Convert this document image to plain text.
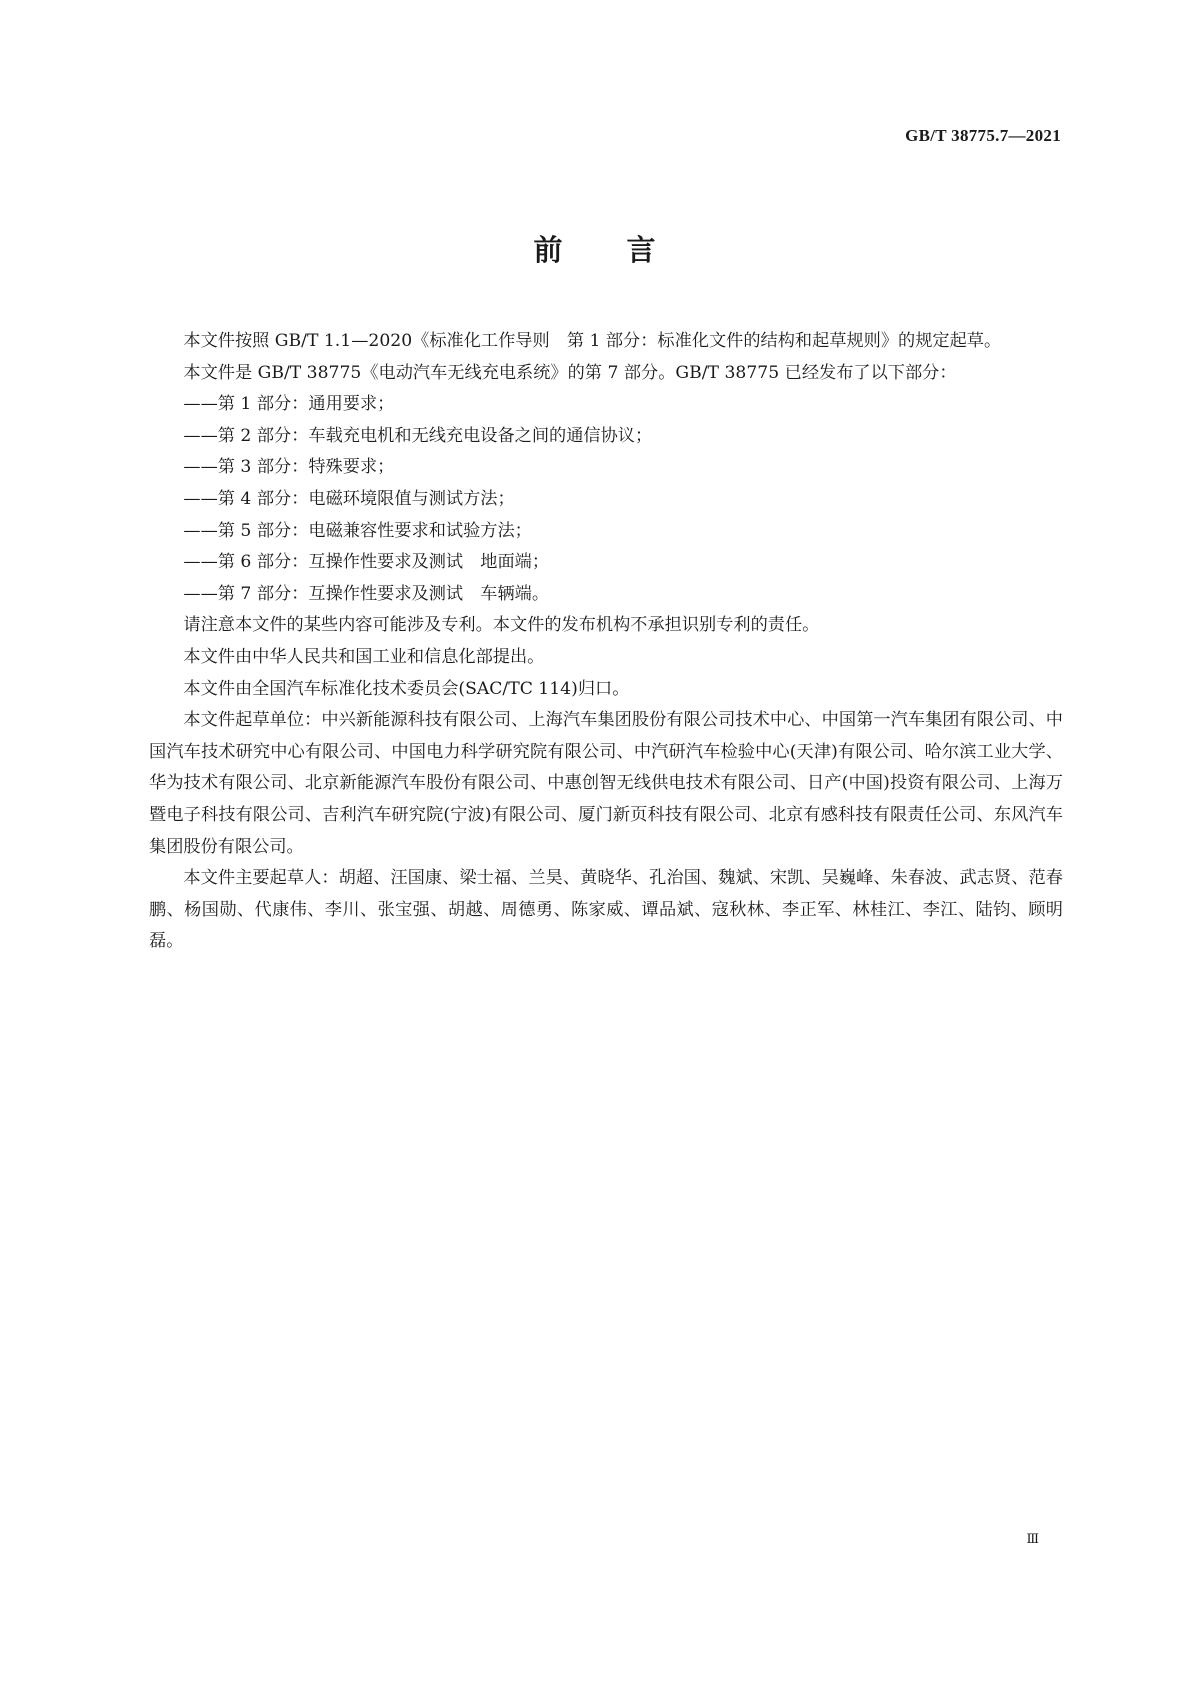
GB/T 38775.7—2021
前 言

本文件按照 GB/T 1.1—2020《标准化工作导则　第 1 部分：标准化文件的结构和起草规则》的规定起草。

本文件是 GB/T 38775《电动汽车无线充电系统》的第 7 部分。GB/T 38775 已经发布了以下部分：

——第 1 部分：通用要求；

——第 2 部分：车载充电机和无线充电设备之间的通信协议；

——第 3 部分：特殊要求；

——第 4 部分：电磁环境限值与测试方法；

——第 5 部分：电磁兼容性要求和试验方法；

——第 6 部分：互操作性要求及测试　地面端；

——第 7 部分：互操作性要求及测试　车辆端。

请注意本文件的某些内容可能涉及专利。本文件的发布机构不承担识别专利的责任。

本文件由中华人民共和国工业和信息化部提出。

本文件由全国汽车标准化技术委员会(SAC/TC 114)归口。

本文件起草单位：中兴新能源科技有限公司、上海汽车集团股份有限公司技术中心、中国第一汽车集团有限公司、中国汽车技术研究中心有限公司、中国电力科学研究院有限公司、中汽研汽车检验中心(天津)有限公司、哈尔滨工业大学、华为技术有限公司、北京新能源汽车股份有限公司、中惠创智无线供电技术有限公司、日产(中国)投资有限公司、上海万暨电子科技有限公司、吉利汽车研究院(宁波)有限公司、厦门新页科技有限公司、北京有感科技有限责任公司、东风汽车集团股份有限公司。

本文件主要起草人：胡超、汪国康、梁士福、兰昊、黄晓华、孔治国、魏斌、宋凯、吴巍峰、朱春波、武志贤、范春鹏、杨国勋、代康伟、李川、张宝强、胡越、周德勇、陈家威、谭品斌、寇秋林、李正军、林桂江、李江、陆钧、顾明磊。

Ⅲ
